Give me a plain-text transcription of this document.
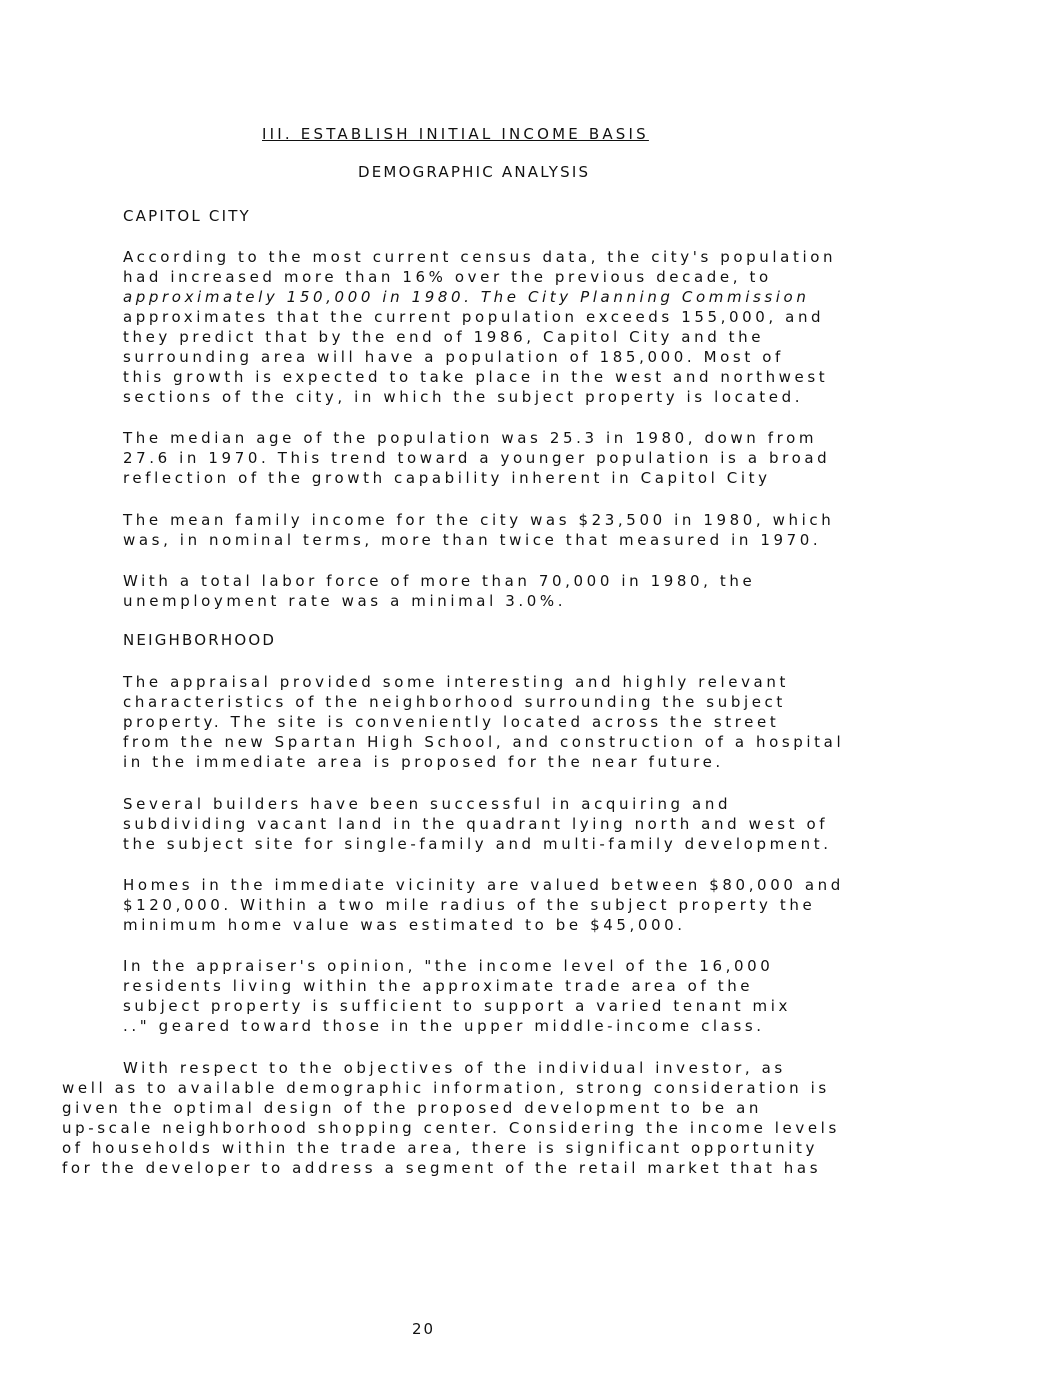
III. ESTABLISH INITIAL INCOME BASIS
DEMOGRAPHIC ANALYSIS
CAPITOL CITY
According to the most current census data, the city's population
had increased more than 16% over the previous decade, to
approximately 150,000 in 1980. The City Planning Commission
approximates that the current population exceeds 155,000, and
they predict that by the end of 1986, Capitol City and the
surrounding area will have a population of 185,000. Most of
this growth is expected to take place in the west and northwest
sections of the city, in which the subject property is located.
The median age of the population was 25.3 in 1980, down from
27.6 in 1970. This trend toward a younger population is a broad
reflection of the growth capability inherent in Capitol City
The mean family income for the city was $23,500 in 1980, which
was, in nominal terms, more than twice that measured in 1970.
With a total labor force of more than 70,000 in 1980, the
unemployment rate was a minimal 3.0%.
NEIGHBORHOOD
The appraisal provided some interesting and highly relevant
characteristics of the neighborhood surrounding the subject
property. The site is conveniently located across the street
from the new Spartan High School, and construction of a hospital
in the immediate area is proposed for the near future.
Several builders have been successful in acquiring and
subdividing vacant land in the quadrant lying north and west of
the subject site for single-family and multi-family development.
Homes in the immediate vicinity are valued between $80,000 and
$120,000. Within a two mile radius of the subject property the
minimum home value was estimated to be $45,000.
In the appraiser's opinion, "the income level of the 16,000
residents living within the approximate trade area of the
subject property is sufficient to support a varied tenant mix
.." geared toward those in the upper middle-income class.
With respect to the objectives of the individual investor, as
well as to available demographic information, strong consideration is
given the optimal design of the proposed development to be an
up-scale neighborhood shopping center. Considering the income levels
of households within the trade area, there is significant opportunity
for the developer to address a segment of the retail market that has
20
